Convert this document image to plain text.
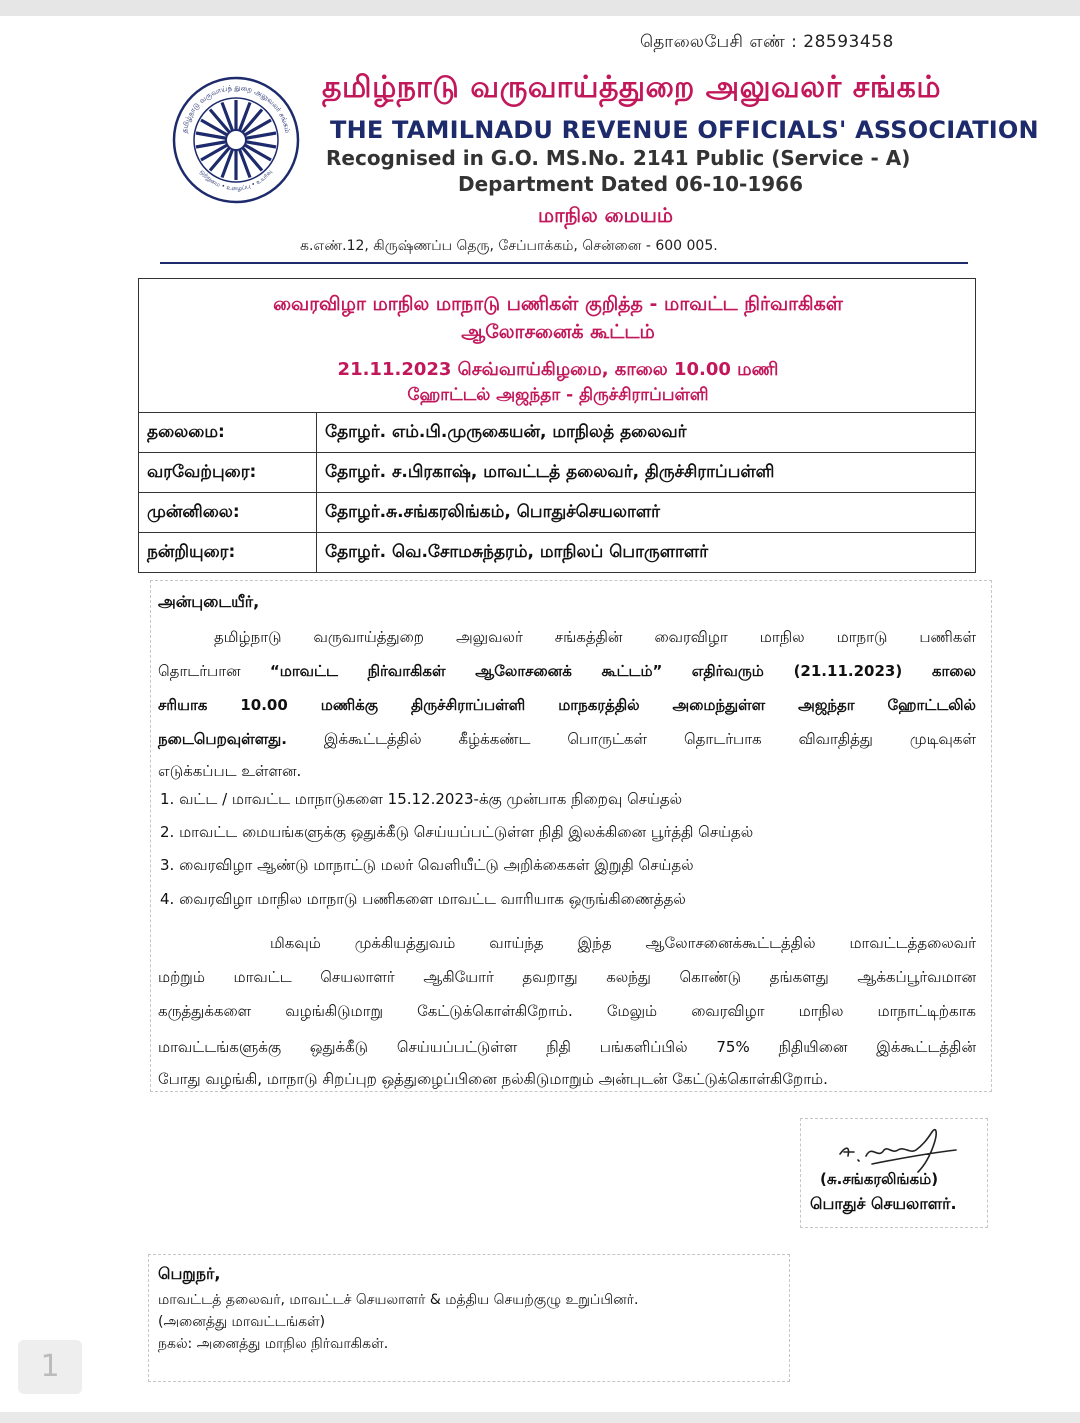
தொலைபேசி எண் : 28593458
தமிழ்நாடு வருவாய்த் துறை அலுவலர் சங்கம்
ஒற்றுமை • உழைப்பு • உயர்வு
தமிழ்நாடு வருவாய்த்துறை அலுவலர் சங்கம்
THE TAMILNADU REVENUE OFFICIALS' ASSOCIATION
Recognised in G.O. MS.No. 2141 Public (Service - A)
Department Dated 06-10-1966
மாநில மையம்
க.எண்.12, கிருஷ்ணப்ப தெரு, சேப்பாக்கம், சென்னை - 600 005.
வைரவிழா மாநில மாநாடு பணிகள் குறித்த - மாவட்ட நிர்வாகிகள்
ஆலோசனைக் கூட்டம்
21.11.2023 செவ்வாய்கிழமை, காலை 10.00 மணி
ஹோட்டல் அஜந்தா - திருச்சிராப்பள்ளி
தலைமை:	தோழர். எம்.பி.முருகையன், மாநிலத் தலைவர்
வரவேற்புரை:	தோழர். ச.பிரகாஷ், மாவட்டத் தலைவர், திருச்சிராப்பள்ளி
முன்னிலை:	தோழர்.சு.சங்கரலிங்கம், பொதுச்செயலாளர்
நன்றியுரை:	தோழர். வெ.சோமசுந்தரம், மாநிலப் பொருளாளர்
அன்புடையீர்,
தமிழ்நாடு வருவாய்த்துறை அலுவலர் சங்கத்தின் வைரவிழா மாநில மாநாடு பணிகள்
தொடர்பான “மாவட்ட நிர்வாகிகள் ஆலோசனைக் கூட்டம்” எதிர்வரும் (21.11.2023) காலை
சரியாக 10.00 மணிக்கு திருச்சிராப்பள்ளி மாநகரத்தில் அமைந்துள்ள அஜந்தா ஹோட்டலில்
நடைபெறவுள்ளது. இக்கூட்டத்தில் கீழ்க்கண்ட பொருட்கள் தொடர்பாக விவாதித்து முடிவுகள்
எடுக்கப்பட உள்ளன.
1. வட்ட / மாவட்ட மாநாடுகளை 15.12.2023-க்கு முன்பாக நிறைவு செய்தல்
2. மாவட்ட மையங்களுக்கு ஒதுக்கீடு செய்யப்பட்டுள்ள நிதி இலக்கினை பூர்த்தி செய்தல்
3. வைரவிழா ஆண்டு மாநாட்டு மலர் வெளியீட்டு அறிக்கைகள் இறுதி செய்தல்
4. வைரவிழா மாநில மாநாடு பணிகளை மாவட்ட வாரியாக ஒருங்கிணைத்தல்
மிகவும் முக்கியத்துவம் வாய்ந்த இந்த ஆலோசனைக்கூட்டத்தில் மாவட்டத்தலைவர்
மற்றும் மாவட்ட செயலாளர் ஆகியோர் தவறாது கலந்து கொண்டு தங்களது ஆக்கப்பூர்வமான
கருத்துக்களை வழங்கிடுமாறு கேட்டுக்கொள்கிறோம். மேலும் வைரவிழா மாநில மாநாட்டிற்காக
மாவட்டங்களுக்கு ஒதுக்கீடு செய்யப்பட்டுள்ள நிதி பங்களிப்பில் 75% நிதியினை இக்கூட்டத்தின்
போது வழங்கி, மாநாடு சிறப்புற ஒத்துழைப்பினை நல்கிடுமாறும் அன்புடன் கேட்டுக்கொள்கிறோம்.
(சு.சங்கரலிங்கம்)
பொதுச் செயலாளர்.
பெறுநர்,
மாவட்டத் தலைவர், மாவட்டச் செயலாளர் & மத்திய செயற்குழு உறுப்பினர்.
(அனைத்து மாவட்டங்கள்)
நகல்: அனைத்து மாநில நிர்வாகிகள்.
1
